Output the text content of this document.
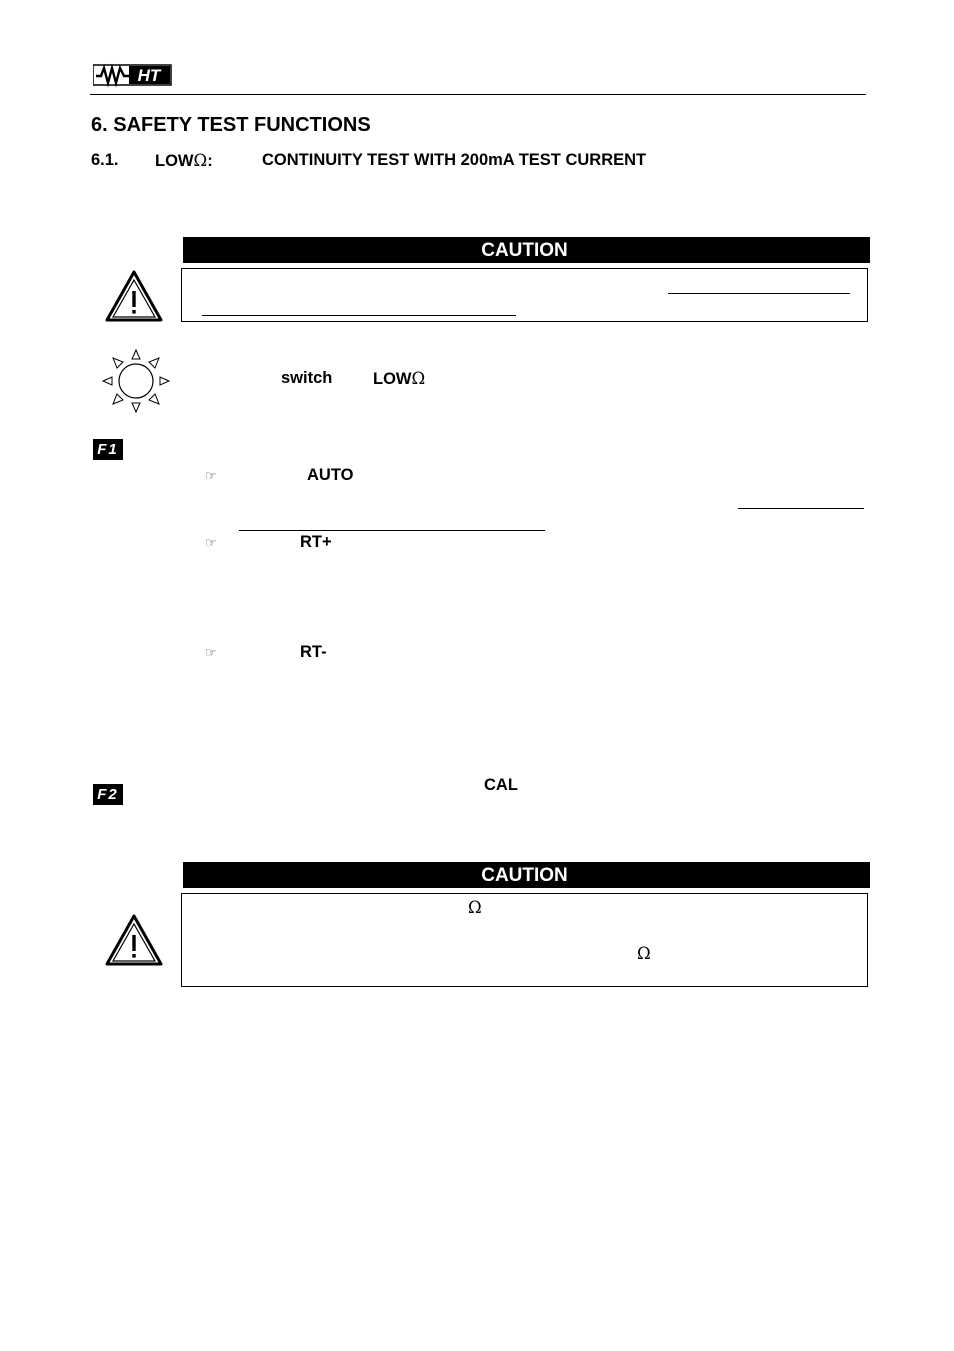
HT
6. SAFETY TEST FUNCTIONS
6.1. LOWΩ:	CONTINUITY TEST WITH 200mA TEST CURRENT
CAUTION
switch LOWΩ
F1
☞	AUTO
☞	RT+
☞	RT-
F2
CAL
CAUTION
Ω
Ω
